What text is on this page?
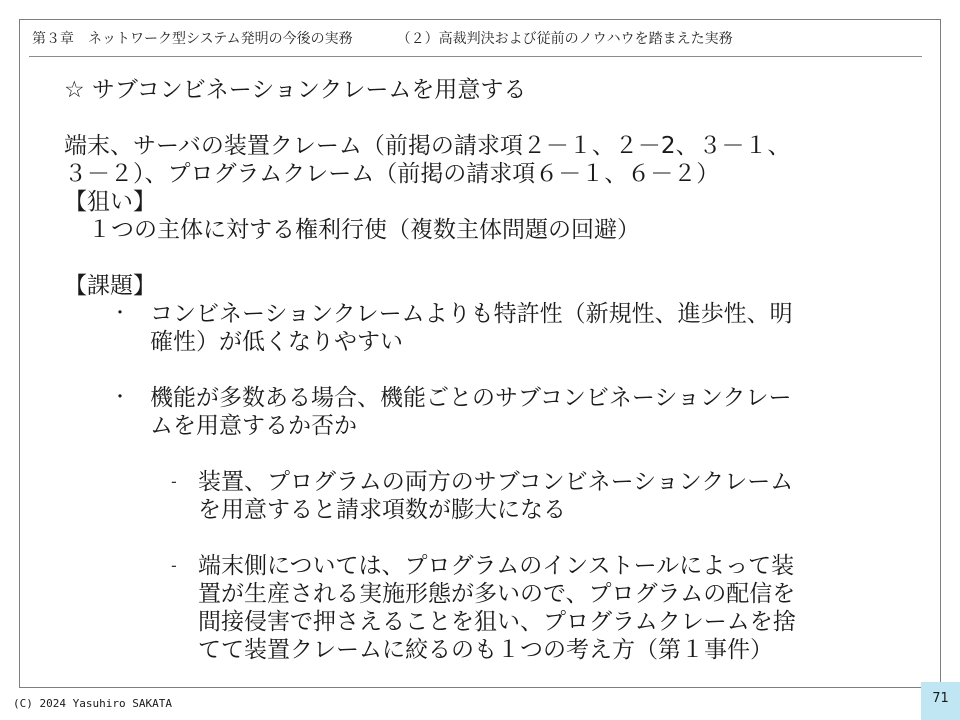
第３章　ネットワーク型システム発明の今後の実務	（２）高裁判決および従前のノウハウを踏まえた実務
☆ サブコンビネーションクレームを用意する
端末、サーバの装置クレーム（前掲の請求項２－１、２－2、３－１、
３－２）、プログラムクレーム（前掲の請求項６－１、６－２）
【狙い】
１つの主体に対する権利行使（複数主体問題の回避）
【課題】
・ コンビネーションクレームよりも特許性（新規性、進歩性、明
確性）が低くなりやすい
・ 機能が多数ある場合、機能ごとのサブコンビネーションクレー
ムを用意するか否か
- 装置、プログラムの両方のサブコンビネーションクレーム
を用意すると請求項数が膨大になる
- 端末側については、プログラムのインストールによって装
置が生産される実施形態が多いので、プログラムの配信を
間接侵害で押さえることを狙い、プログラムクレームを捨
てて装置クレームに絞るのも１つの考え方（第１事件）
(C) 2024 Yasuhiro SAKATA	71
